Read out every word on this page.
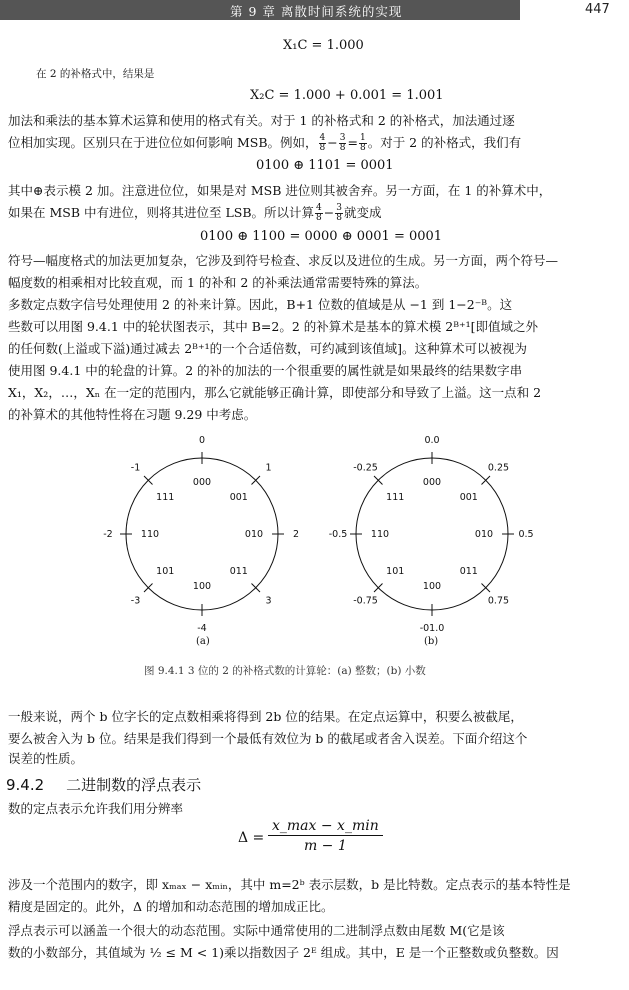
第 9 章 离散时间系统的实现	447
X₁C = 1.000
在 2 的补格式中，结果是
X₂C = 1.000 + 0.001 = 1.001
加法和乘法的基本算术运算和使用的格式有关。对于 1 的补格式和 2 的补格式，加法通过逐
位相加实现。区别只在于进位位如何影响 MSB。例如， $\frac{4}{8} - \frac{3}{8} = \frac{1}{8}$ 。对于 2 的补格式，我们有
0100 ⊕ 1101 = 0001
其中⊕表示模 2 加。注意进位位，如果是对 MSB 进位则其被舍弃。另一方面，在 1 的补算术中，
如果在 MSB 中有进位，则将其进位至 LSB。所以计算 $\frac{4}{8} - \frac{3}{8}$ 就变成
0100 ⊕ 1100 = 0000 ⊕ 0001 = 0001
符号—幅度格式的加法更加复杂，它涉及到符号检查、求反以及进位的生成。另一方面，两个符号—
幅度数的相乘相对比较直观，而 1 的补和 2 的补乘法通常需要特殊的算法。
多数定点数字信号处理使用 2 的补来计算。因此，B+1 位数的值域是从 −1 到 1−2⁻ᴮ。这
些数可以用图 9.4.1 中的轮状图表示，其中 B=2。2 的补算术是基本的算术模 2ᴮ⁺¹[即值域之外
的任何数(上溢或下溢)通过减去 2ᴮ⁺¹的一个合适倍数，可约减到该值域]。这种算术可以被视为
使用图 9.4.1 中的轮盘的计算。2 的补的加法的一个很重要的属性就是如果最终的结果数字串
X₁，X₂，…，Xₙ 在一定的范围内，那么它就能够正确计算，即使部分和导致了上溢。这一点和 2
的补算术的其他特性将在习题 9.29 中考虑。
0
000
1
001
2
010
3
011
-4
100
-3
101
-2	110
-1
111
0.0
000
0.25
001
0.5
010
0.75
011
-01.0
100
-0.75
101
-0.5 110
-0.25
111
(a)	(b)
图 9.4.1 3 位的 2 的补格式数的计算轮：(a) 整数；(b) 小数
一般来说，两个 b 位字长的定点数相乘将得到 2b 位的结果。在定点运算中，积要么被截尾，
要么被舍入为 b 位。结果是我们得到一个最低有效位为 b 的截尾或者舍入误差。下面介绍这个
误差的性质。
9.4.2 二进制数的浮点表示
数的定点表示允许我们用分辨率
Δ =
x_max − x_min
m − 1
涉及一个范围内的数字，即 xₘₐₓ − xₘᵢₙ，其中 m=2ᵇ 表示层数，b 是比特数。定点表示的基本特性是
精度是固定的。此外，Δ 的增加和动态范围的增加成正比。
浮点表示可以涵盖一个很大的动态范围。实际中通常使用的二进制浮点数由尾数 M(它是该
数的小数部分，其值域为 ½ ≤ M < 1)乘以指数因子 2ᴱ 组成。其中，E 是一个正整数或负整数。因
